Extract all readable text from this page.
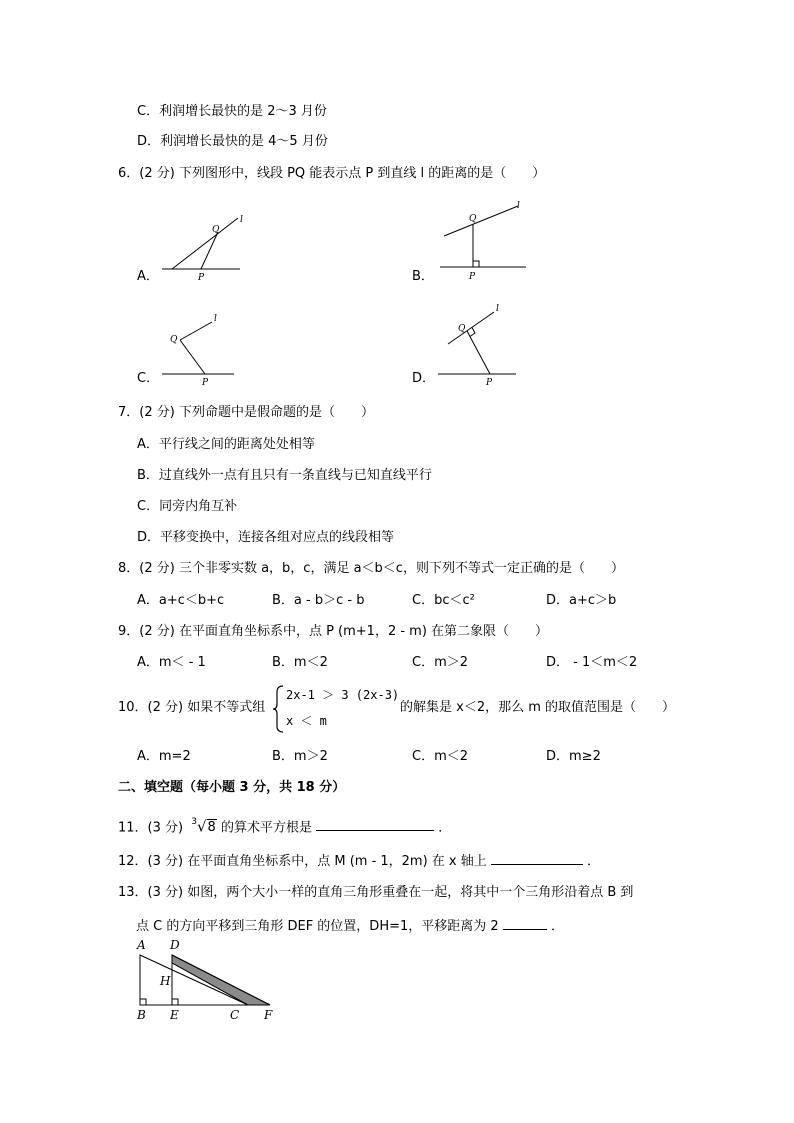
C．利润增长最快的是 2～3 月份
D．利润增长最快的是 4～5 月份
6．(2 分) 下列图形中，线段 PQ 能表示点 P 到直线 l 的距离的是（　　）
A．
Q
l
P	B．
Q
l
P
C．
Q
l
P	D．
Q
l
P
7．(2 分) 下列命题中是假命题的是（　　）
A．平行线之间的距离处处相等
B．过直线外一点有且只有一条直线与已知直线平行
C．同旁内角互补
D．平移变换中，连接各组对应点的线段相等
8．(2 分) 三个非零实数 a，b，c，满足 a＜b＜c，则下列不等式一定正确的是（　　）
A．a+c＜b+c	B．a - b＞c - b	C．bc＜c²	D．a+c＞b
9．(2 分) 在平面直角坐标系中，点 P (m+1，2 - m) 在第二象限（　　）
A．m＜ - 1	B．m＜2	C．m＞2	D． - 1＜m＜2
10．(2 分) 如果不等式组
2x-1 ＞ 3 (2x-3)
x ＜ m
的解集是 x＜2，那么 m 的取值范围是（　　）
A．m=2	B．m＞2	C．m＜2	D．m≥2
二、填空题（每小题 3 分，共 18 分）
11．(3 分) $^3$√8 的算术平方根是	．
12．(3 分) 在平面直角坐标系中，点 M (m - 1，2m) 在 x 轴上	．
13．(3 分) 如图，两个大小一样的直角三角形重叠在一起，将其中一个三角形沿着点 B 到
点 C 的方向平移到三角形 DEF 的位置，DH=1，平移距离为 2	．
A D
H
B E	C F
